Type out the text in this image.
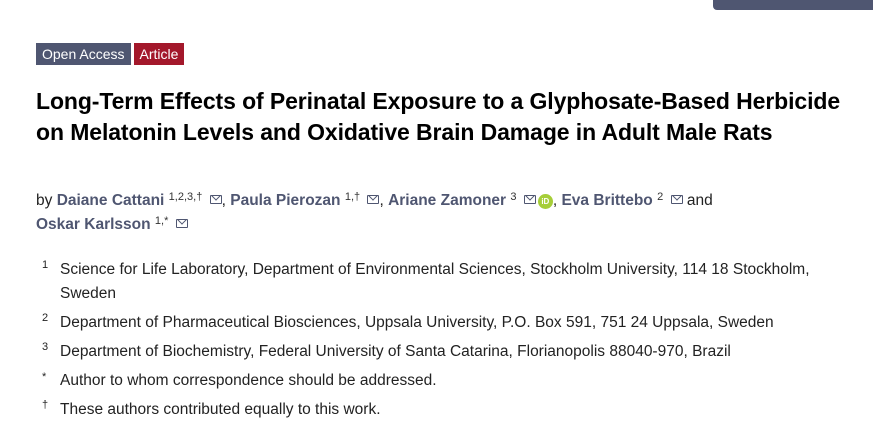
Open Access	Article
Long-Term Effects of Perinatal Exposure to a Glyphosate-Based Herbicide on Melatonin Levels and Oxidative Brain Damage in Adult Male Rats
by Daiane Cattani $^{1,2,3,\dagger}$ , Paula Pierozan $^{1,\dagger}$ , Ariane Zamoner $^3$	iD , Eva Brittebo $^2$ and
Oskar Karlsson $^{1,*}$
1 Science for Life Laboratory, Department of Environmental Sciences, Stockholm University, 114 18 Stockholm, Sweden
2 Department of Pharmaceutical Biosciences, Uppsala University, P.O. Box 591, 751 24 Uppsala, Sweden
3 Department of Biochemistry, Federal University of Santa Catarina, Florianopolis 88040-970, Brazil
* Author to whom correspondence should be addressed.
† These authors contributed equally to this work.
